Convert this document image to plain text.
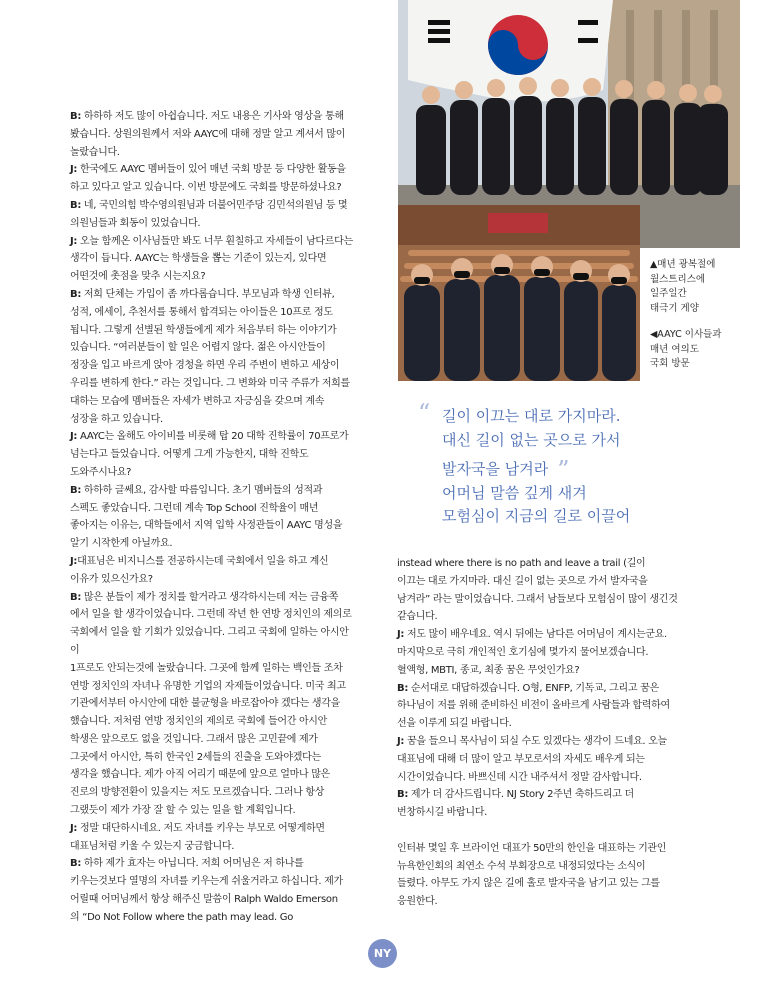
▲매년 광복절에
월스트리스에
일주일간
태극기 게양
◀AAYC 이사들과
매년 여의도
국회 방문
“ 길이 이끄는 대로 가지마라.
대신 길이 없는 곳으로 가서
발자국을 남겨라 ”
어머님 말씀 깊게 새겨
모험심이 지금의 길로 이끌어

B: 하하하 저도 많이 아쉽습니다. 저도 내용은 기사와 영상을 통해

봤습니다. 상원의원께서 저와 AAYC에 대해 정말 알고 계셔서 많이

놀랐습니다.

J: 한국에도 AAYC 멤버들이 있어 매년 국회 방문 등 다양한 활동을

하고 있다고 알고 있습니다. 이번 방문에도 국회를 방문하셨나요?

B: 네, 국민의힘 박수영의원님과 더불어민주당 김민석의원님 등 몇

의원님들과 회동이 있었습니다.

J: 오늘 함께온 이사님들만 봐도 너무 훤칠하고 자세들이 남다르다는

생각이 듭니다. AAYC는 학생들을 뽑는 기준이 있는지, 있다면

어떤것에 촛점을 맞추 시는지요?

B: 저희 단체는 가입이 좀 까다롭습니다. 부모님과 학생 인터뷰,

성적, 에세이, 추천서를 통해서 합격되는 아이들은 10프로 정도

됩니다. 그렇게 선별된 학생들에게 제가 처음부터 하는 이야기가

있습니다. “여러분들이 할 일은 어렵지 않다. 젊은 아시안들이

정장을 입고 바르게 앉아 경청을 하면 우리 주변이 변하고 세상이

우리를 변하게 한다.” 라는 것입니다. 그 변화와 미국 주류가 저희를

대하는 모습에 멤버들은 자세가 변하고 자긍심을 갖으며 계속

성장을 하고 있습니다.

J: AAYC는 올해도 아이비를 비롯해 탑 20 대학 진학률이 70프로가

넘는다고 들었습니다. 어떻게 그게 가능한지, 대학 진학도

도와주시나요?

B: 하하하 글쎄요, 감사할 따름입니다. 초기 멤버들의 성적과

스펙도 좋았습니다. 그런데 계속 Top School 진학율이 매년

좋아지는 이유는, 대학들에서 지역 입학 사정관들이 AAYC 명성을

알기 시작한게 아닐까요.

J:대표님은 비지니스를 전공하시는데 국회에서 일을 하고 계신

이유가 있으신가요?

B: 많은 분들이 제가 정치를 할거라고 생각하시는데 저는 금융쪽

에서 일을 할 생각이었습니다. 그런데 작년 한 연방 정치인의 제의로

국회에서 일을 할 기회가 있었습니다. 그리고 국회에 일하는 아시안이

1프로도 안되는것에 놀랐습니다. 그곳에 함께 일하는 백인들 조차

연방 정치인의 자녀나 유명한 기업의 자제들이었습니다. 미국 최고

기관에서부터 아시안에 대한 불균형을 바로잡아야 겠다는 생각을

했습니다. 저처럼 연방 정치인의 제의로 국회에 들어간 아시안

학생은 앞으로도 없을 것입니다. 그래서 많은 고민끝에 제가

그곳에서 아시안, 특히 한국인 2세들의 진출을 도와야겠다는

생각을 했습니다. 제가 아직 어리기 때문에 앞으로 얼마나 많은

진로의 방향전환이 있을지는 저도 모르겠습니다. 그러나 항상

그랬듯이 제가 가장 잘 할 수 있는 일을 할 계획입니다.

J: 정말 대단하시네요. 저도 자녀를 키우는 부모로 어떻게하면

대표님처럼 키울 수 있는지 궁금합니다.

B: 하하 제가 효자는 아닙니다. 저희 어머님은 저 하나를

키우는것보다 열명의 자녀를 키우는게 쉬울거라고 하십니다. 제가

어릴때 어머님께서 항상 해주신 말씀이 Ralph Waldo Emerson

의 “Do Not Follow where the path may lead. Go

instead where there is no path and leave a trail (길이

이끄는 대로 가지마라. 대신 길이 없는 곳으로 가서 발자국을

남겨라” 라는 말이었습니다. 그래서 남들보다 모험심이 많이 생긴것

같습니다.

J: 저도 많이 배우네요. 역시 뒤에는 남다른 어머님이 계시는군요.

마지막으로 극히 개인적인 호기심에 몇가지 물어보겠습니다.

혈액형, MBTI, 종교, 최종 꿈은 무엇인가요?

B: 순서대로 대답하겠습니다. O형, ENFP, 기독교, 그리고 꿈은

하나님이 저를 위해 준비하신 비전이 올바르게 사람들과 합력하여

선을 이루게 되길 바랍니다.

J: 꿈을 들으니 목사님이 되실 수도 있겠다는 생각이 드네요. 오늘

대표님에 대해 더 많이 알고 부모로서의 자세도 배우게 되는

시간이었습니다. 바쁘신데 시간 내주셔서 정말 감사합니다.

B: 제가 더 감사드립니다. NJ Story 2주년 축하드리고 더

번창하시길 바랍니다.

인터뷰 몇일 후 브라이언 대표가 50만의 한인을 대표하는 기관인

뉴욕한인회의 최연소 수석 부회장으로 내정되었다는 소식이

들렸다. 아무도 가지 않은 길에 홀로 발자국을 남기고 있는 그를

응원한다.

NY
